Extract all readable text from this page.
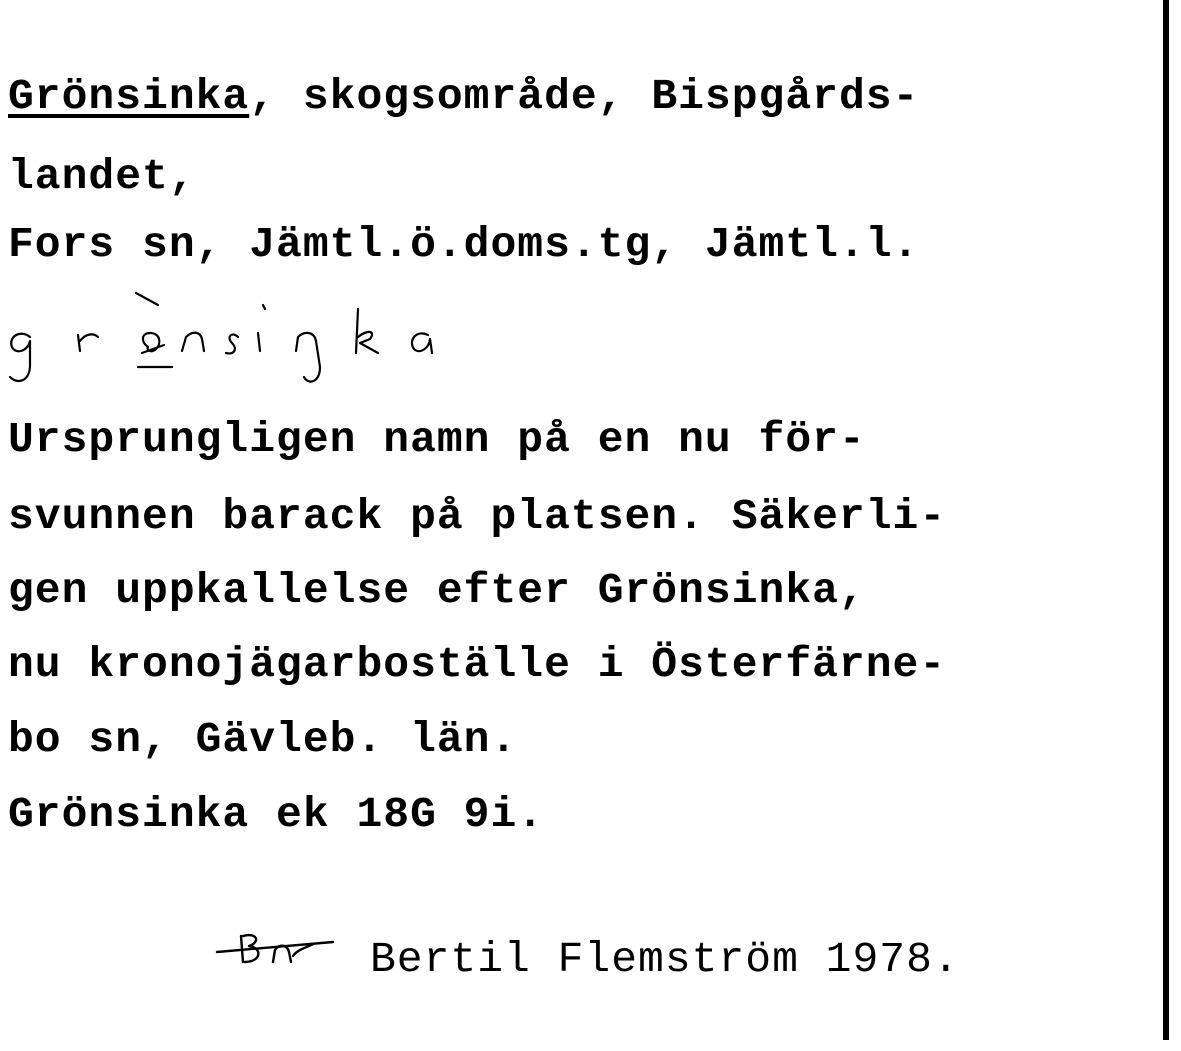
Grönsinka, skogsområde, Bispgårds-
landet,
Fors sn, Jämtl.ö.doms.tg, Jämtl.l.
grönsinka
Ursprungligen namn på en nu för-
svunnen barack på platsen. Säkerli-
gen uppkallelse efter Grönsinka,
nu kronojägarboställe i Österfärne-
bo sn, Gävleb. län.
Grönsinka ek 18G 9i.
Bn
Bertil Flemström 1978.
